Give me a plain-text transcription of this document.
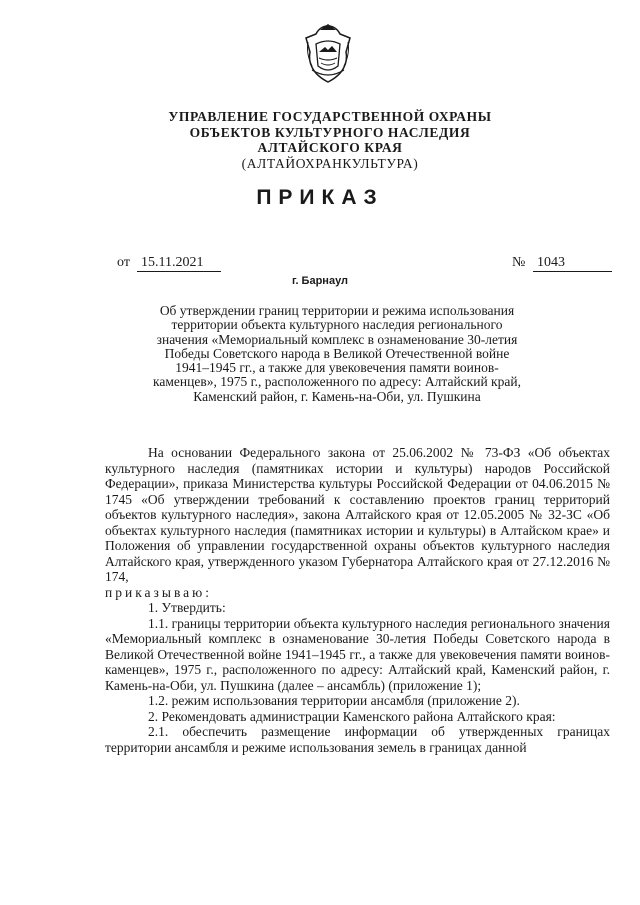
УПРАВЛЕНИЕ ГОСУДАРСТВЕННОЙ ОХРАНЫ
ОБЪЕКТОВ КУЛЬТУРНОГО НАСЛЕДИЯ
АЛТАЙСКОГО КРАЯ
(АЛТАЙОХРАНКУЛЬТУРА)
ПРИКАЗ
от 15.11.2021	№ 1043
г. Барнаул
Об утверждении границ территории и режима использования
территории объекта культурного наследия регионального
значения «Мемориальный комплекс в ознаменование 30-летия
Победы Советского народа в Великой Отечественной войне
1941–1945 гг., а также для увековечения памяти воинов-
каменцев», 1975 г., расположенного по адресу: Алтайский край,
Каменский район, г. Камень-на-Оби, ул. Пушкина

На основании Федерального закона от 25.06.2002 № 73-ФЗ «Об объектах культурного наследия (памятниках истории и культуры) народов Российской Федерации», приказа Министерства культуры Российской Федерации от 04.06.2015 № 1745 «Об утверждении требований к составлению проектов границ территорий объектов культурного наследия», закона Алтайского края от 12.05.2005 № 32-ЗС «Об объектах культурного наследия (памятниках истории и культуры) в Алтайском крае» и Положения об управлении государственной охраны объектов культурного наследия Алтайского края, утвержденного указом Губернатора Алтайского края от 27.12.2016 № 174,

приказываю:

1. Утвердить:

1.1. границы территории объекта культурного наследия регионального значения «Мемориальный комплекс в ознаменование 30-летия Победы Советского народа в Великой Отечественной войне 1941–1945 гг., а также для увековечения памяти воинов-каменцев», 1975 г., расположенного по адресу: Алтайский край, Каменский район, г. Камень-на-Оби, ул. Пушкина (далее – ансамбль) (приложение 1);

1.2. режим использования территории ансамбля (приложение 2).

2. Рекомендовать администрации Каменского района Алтайского края:

2.1. обеспечить размещение информации об утвержденных границах территории ансамбля и режиме использования земель в границах данной
